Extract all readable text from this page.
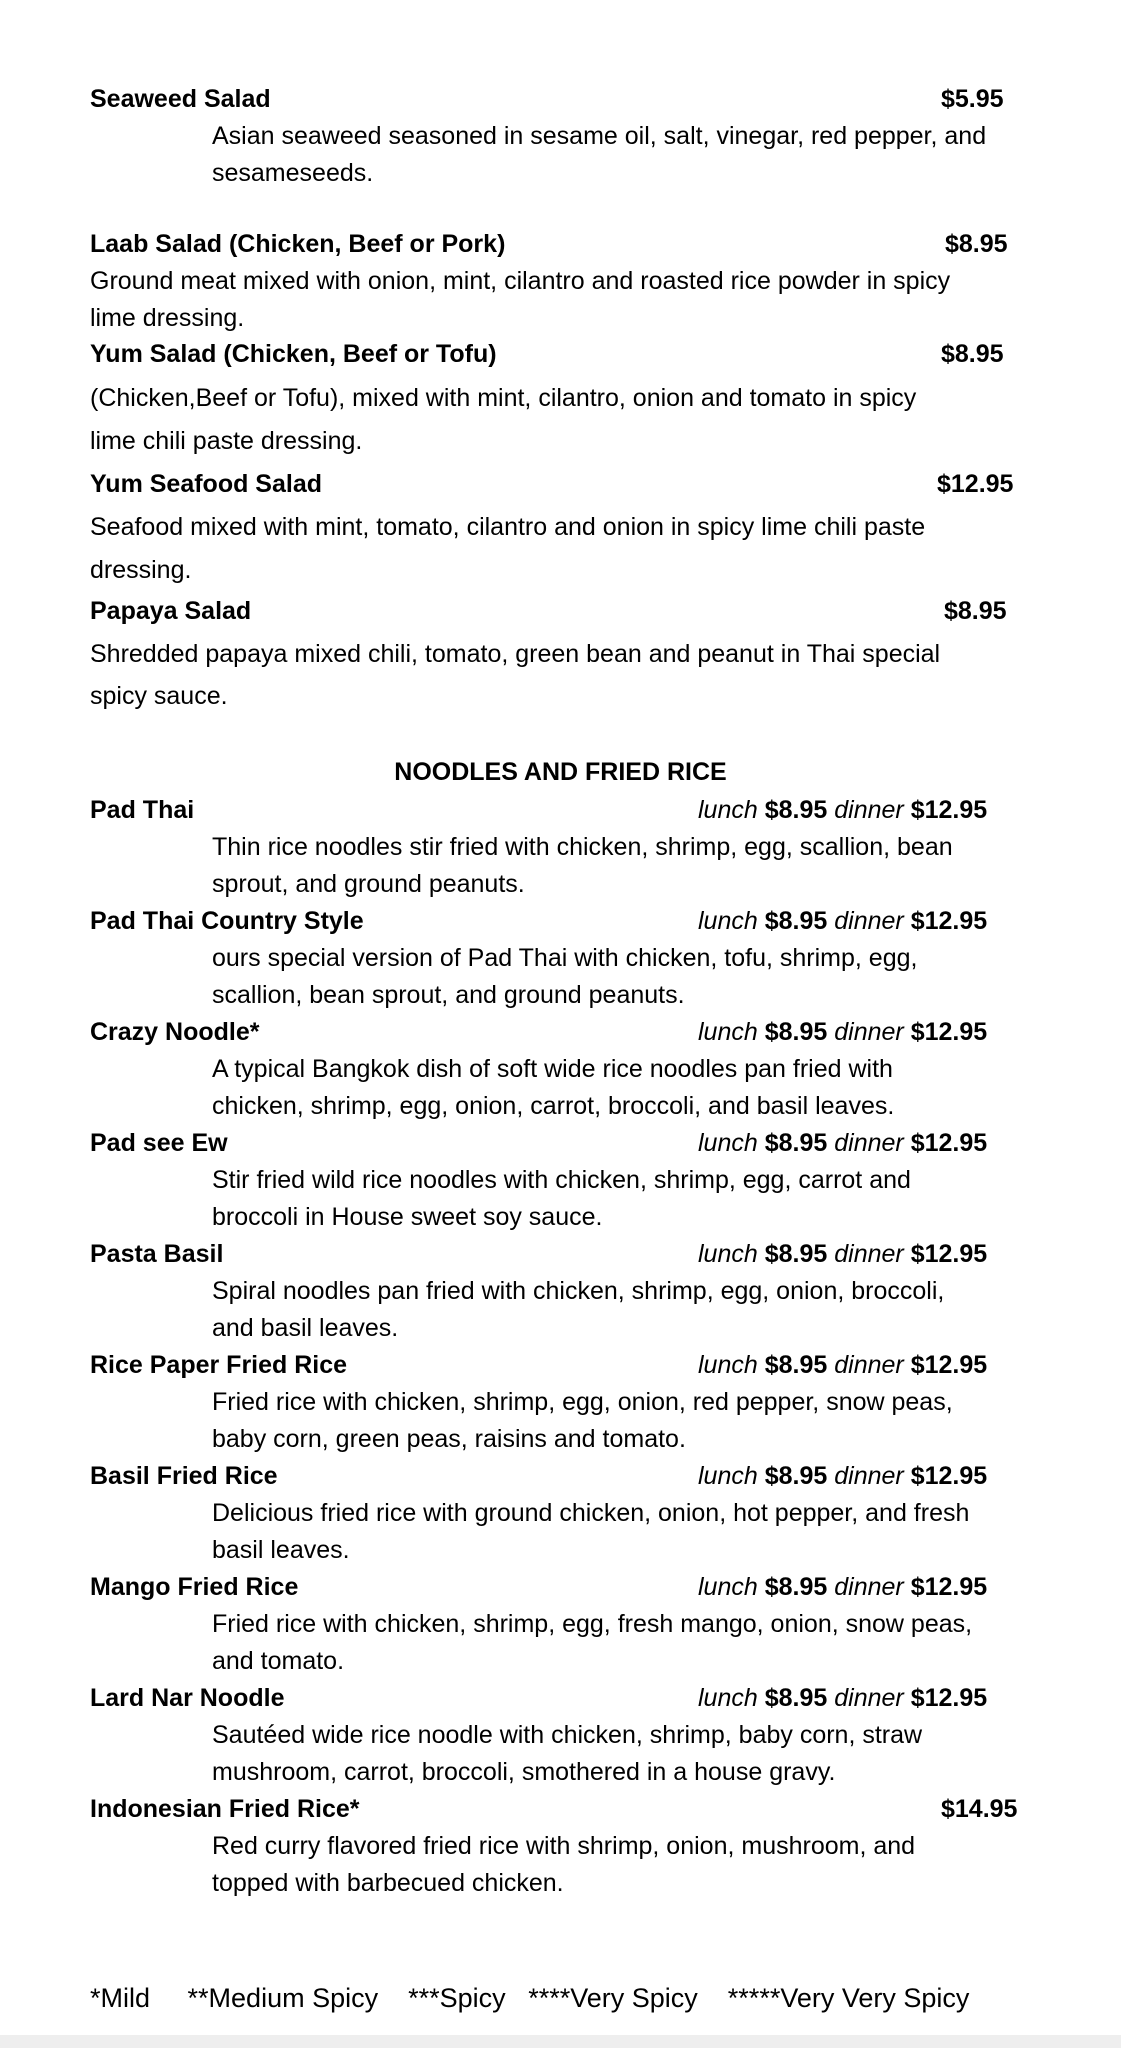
Seaweed Salad	$5.95
Asian seaweed seasoned in sesame oil, salt, vinegar, red pepper, and
sesameseeds.
Laab Salad (Chicken, Beef or Pork)	$8.95
Ground meat mixed with onion, mint, cilantro and roasted rice powder in spicy
lime dressing.
Yum Salad (Chicken, Beef or Tofu)	$8.95
(Chicken,Beef or Tofu), mixed with mint, cilantro, onion and tomato in spicy
lime chili paste dressing.
Yum Seafood Salad	$12.95
Seafood mixed with mint, tomato, cilantro and onion in spicy lime chili paste
dressing.
Papaya Salad	$8.95
Shredded papaya mixed chili, tomato, green bean and peanut in Thai special
spicy sauce.
NOODLES AND FRIED RICE
Pad Thai	lunch $8.95 dinner $12.95
Thin rice noodles stir fried with chicken, shrimp, egg, scallion, bean
sprout, and ground peanuts.
Pad Thai Country Style	lunch $8.95 dinner $12.95
ours special version of Pad Thai with chicken, tofu, shrimp, egg,
scallion, bean sprout, and ground peanuts.
Crazy Noodle*	lunch $8.95 dinner $12.95
A typical Bangkok dish of soft wide rice noodles pan fried with
chicken, shrimp, egg, onion, carrot, broccoli, and basil leaves.
Pad see Ew	lunch $8.95 dinner $12.95
Stir fried wild rice noodles with chicken, shrimp, egg, carrot and
broccoli in House sweet soy sauce.
Pasta Basil	lunch $8.95 dinner $12.95
Spiral noodles pan fried with chicken, shrimp, egg, onion, broccoli,
and basil leaves.
Rice Paper Fried Rice	lunch $8.95 dinner $12.95
Fried rice with chicken, shrimp, egg, onion, red pepper, snow peas,
baby corn, green peas, raisins and tomato.
Basil Fried Rice	lunch $8.95 dinner $12.95
Delicious fried rice with ground chicken, onion, hot pepper, and fresh
basil leaves.
Mango Fried Rice	lunch $8.95 dinner $12.95
Fried rice with chicken, shrimp, egg, fresh mango, onion, snow peas,
and tomato.
Lard Nar Noodle	lunch $8.95 dinner $12.95
Sautéed wide rice noodle with chicken, shrimp, baby corn, straw
mushroom, carrot, broccoli, smothered in a house gravy.
Indonesian Fried Rice*	$14.95
Red curry flavored fried rice with shrimp, onion, mushroom, and
topped with barbecued chicken.
*Mild **Medium Spicy ***Spicy ****Very Spicy *****Very Very Spicy
